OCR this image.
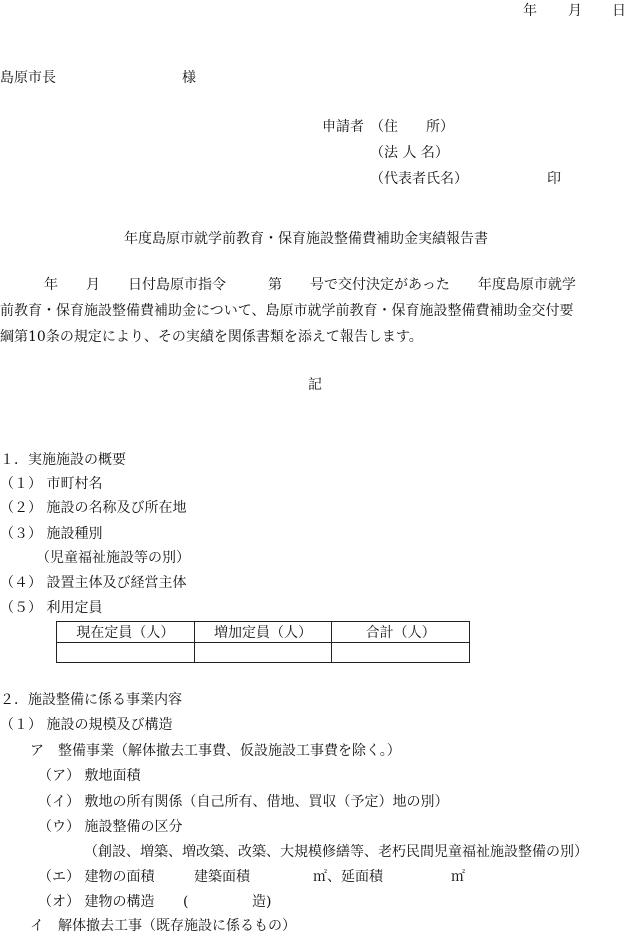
年 月 日
島原市長	様
申請者 （住　　所）
（法 人 名）
（代表者氏名）	印
年度島原市就学前教育・保育施設整備費補助金実績報告書
年　　月　　日付島原市指令　　　第　　号で交付決定があった　　年度島原市就学
前教育・保育施設整備費補助金について、島原市就学前教育・保育施設整備費補助金交付要
綱第10条の規定により、その実績を関係書類を添えて報告します。
記
１．実施施設の概要
（１） 市町村名
（２） 施設の名称及び所在地
（３） 施設種別
（児童福祉施設等の別）
（４） 設置主体及び経営主体
（５） 利用定員
現在定員（人）	増加定員（人）	合計（人）

２．施設整備に係る事業内容
（１） 施設の規模及び構造
ア　整備事業（解体撤去工事費、仮設施設工事費を除く。）
（ア） 敷地面積
（イ） 敷地の所有関係（自己所有、借地、買収（予定）地の別）
（ウ） 施設整備の区分
（創設、増築、増改築、改築、大規模修繕等、老朽民間児童福祉施設整備の別）
（エ） 建物の面積	建築面積	㎡、延面積	㎡
（オ） 建物の構造 (	造)
イ　解体撤去工事（既存施設に係るもの）
